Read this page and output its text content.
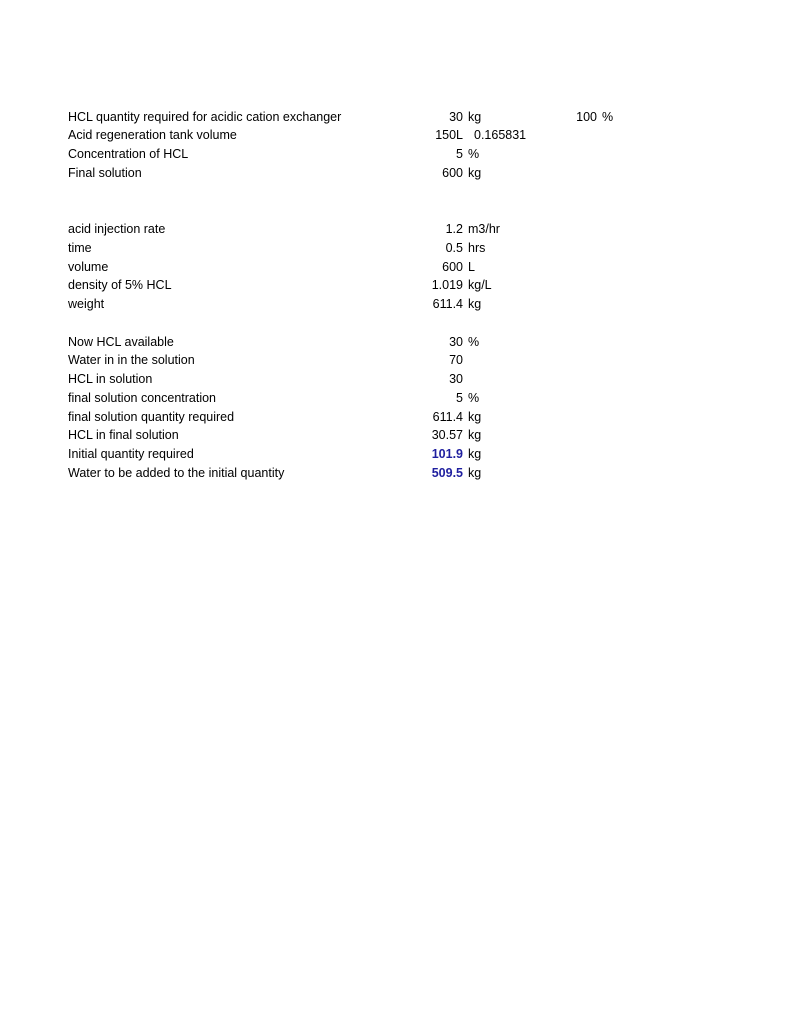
HCL quantity required for acidic cation exchanger	30 kg	100 %
Acid regeneration tank volume	150L 0.165831
Concentration of HCL	5 %
Final solution	600 kg
acid injection rate	1.2 m3/hr
time	0.5 hrs
volume	600 L
density of 5% HCL	1.019 kg/L
weight	611.4 kg
Now HCL available	30 %
Water in in the solution	70
HCL in solution	30
final solution concentration	5 %
final solution quantity required	611.4 kg
HCL in final solution	30.57 kg
Initial quantity required	101.9 kg
Water to be added to the initial quantity	509.5 kg
